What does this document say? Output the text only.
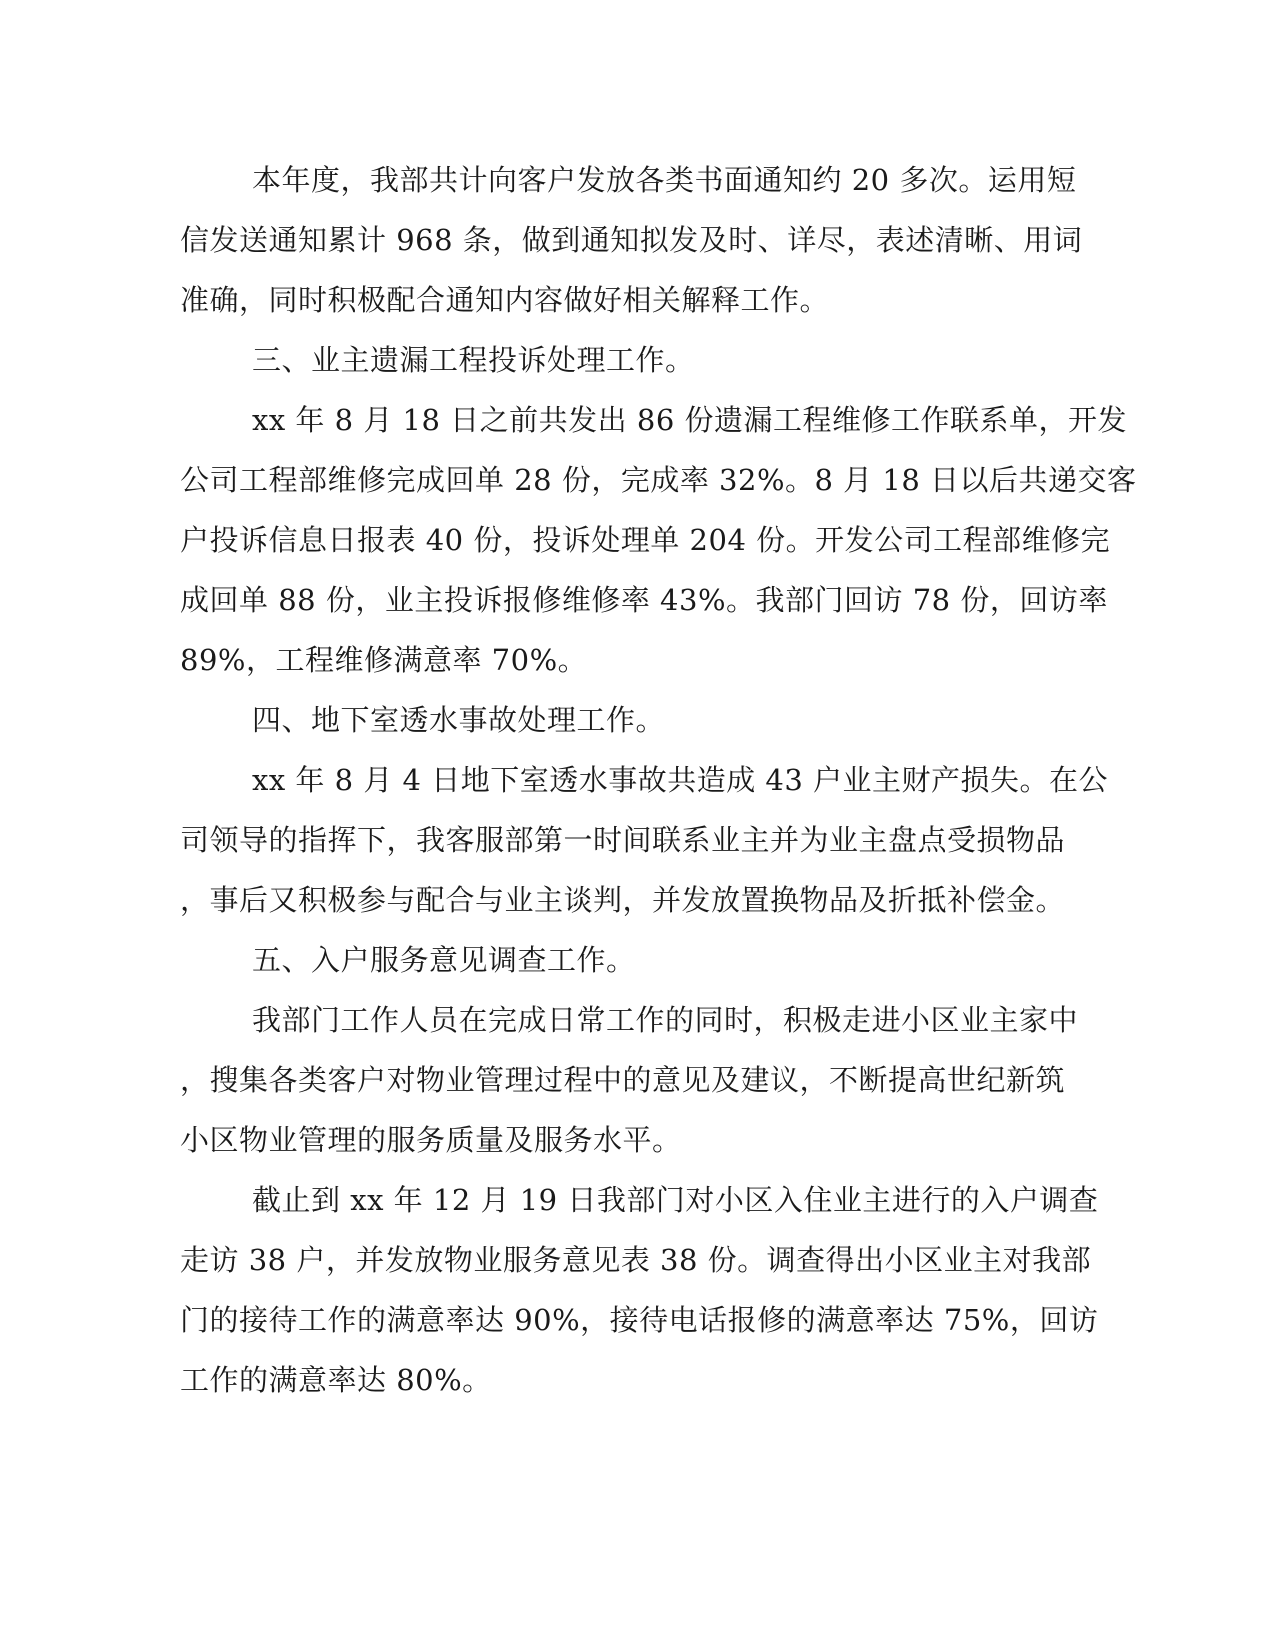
本年度，我部共计向客户发放各类书面通知约 20 多次。运用短
信发送通知累计 968 条，做到通知拟发及时、详尽，表述清晰、用词
准确，同时积极配合通知内容做好相关解释工作。
三、业主遗漏工程投诉处理工作。
xx 年 8 月 18 日之前共发出 86 份遗漏工程维修工作联系单，开发
公司工程部维修完成回单 28 份，完成率 32%。8 月 18 日以后共递交客
户投诉信息日报表 40 份，投诉处理单 204 份。开发公司工程部维修完
成回单 88 份，业主投诉报修维修率 43%。我部门回访 78 份，回访率
89%，工程维修满意率 70%。
四、地下室透水事故处理工作。
xx 年 8 月 4 日地下室透水事故共造成 43 户业主财产损失。在公
司领导的指挥下，我客服部第一时间联系业主并为业主盘点受损物品
，事后又积极参与配合与业主谈判，并发放置换物品及折抵补偿金。
五、入户服务意见调查工作。
我部门工作人员在完成日常工作的同时，积极走进小区业主家中
，搜集各类客户对物业管理过程中的意见及建议，不断提高世纪新筑
小区物业管理的服务质量及服务水平。
截止到 xx 年 12 月 19 日我部门对小区入住业主进行的入户调查
走访 38 户，并发放物业服务意见表 38 份。调查得出小区业主对我部
门的接待工作的满意率达 90%，接待电话报修的满意率达 75%，回访
工作的满意率达 80%。
